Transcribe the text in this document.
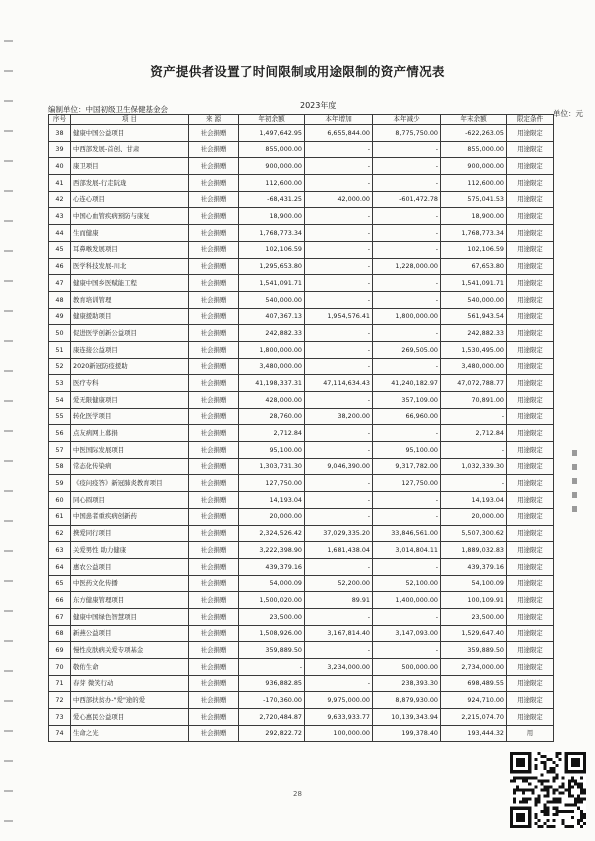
资产提供者设置了时间限制或用途限制的资产情况表
2023年度
编制单位：中国初级卫生保健基金会	单位：元
序号	项 目	来 源	年初余额	本年增加	本年减少	年末余额	限定条件
38	健康中国公益项目	社会捐赠	1,497,642.95	6,655,844.00	8,775,750.00	-622,263.05	用途限定
39	中西部发展-首创、甘肃	社会捐赠	855,000.00	-	-	855,000.00	用途限定
40	康卫项目	社会捐赠	900,000.00	-	-	900,000.00	用途限定
41	西部发展-行走阮珑	社会捐赠	112,600.00	-	-	112,600.00	用途限定
42	心连心项目	社会捐赠	-68,431.25	42,000.00	-601,472.78	575,041.53	用途限定
43	中国心血管疾病预防与康复	社会捐赠	18,900.00	-	-	18,900.00	用途限定
44	生而健康	社会捐赠	1,768,773.34	-	-	1,768,773.34	用途限定
45	耳鼻喉发展项目	社会捐赠	102,106.59	-	-	102,106.59	用途限定
46	医学科技发展-川北	社会捐赠	1,295,653.80	-	1,228,000.00	67,653.80	用途限定
47	健康中国乡医赋能工程	社会捐赠	1,541,091.71	-	-	1,541,091.71	用途限定
48	教育培训管理	社会捐赠	540,000.00	-	-	540,000.00	用途限定
49	健康援助项目	社会捐赠	407,367.13	1,954,576.41	1,800,000.00	561,943.54	用途限定
50	促进医学创新公益项目	社会捐赠	242,882.33	-	-	242,882.33	用途限定
51	康连接公益项目	社会捐赠	1,800,000.00	-	269,505.00	1,530,495.00	用途限定
52	2020新冠防疫援助	社会捐赠	3,480,000.00	-	-	3,480,000.00	用途限定
53	医疗专科	社会捐赠	41,198,337.31	47,114,634.43	41,240,182.97	47,072,788.77	用途限定
54	爱无限健康项目	社会捐赠	428,000.00	-	357,109.00	70,891.00	用途限定
55	转化医学项目	社会捐赠	28,760.00	38,200.00	66,960.00	-	用途限定
56	点友病网上募捐	社会捐赠	2,712.84	-	-	2,712.84	用途限定
57	中医国际发展项目	社会捐赠	95,100.00	-	95,100.00	-	用途限定
58	常态化传染病	社会捐赠	1,303,731.30	9,046,390.00	9,317,782.00	1,032,339.30	用途限定
59	《疫问疫答》新冠肺炎教育项目	社会捐赠	127,750.00	-	127,750.00	-	用途限定
60	同心圆项目	社会捐赠	14,193.04	-	-	14,193.04	用途限定
61	中国患者重疾病创新药	社会捐赠	20,000.00	-	-	20,000.00	用途限定
62	携爱同行项目	社会捐赠	2,324,526.42	37,029,335.20	33,846,561.00	5,507,300.62	用途限定
63	关爱男性 助力健康	社会捐赠	3,222,398.90	1,681,438.04	3,014,804.11	1,889,032.83	用途限定
64	惠农公益项目	社会捐赠	439,379.16	-	-	439,379.16	用途限定
65	中医药文化传播	社会捐赠	54,000.09	52,200.00	52,100.00	54,100.09	用途限定
66	东方健康管理项目	社会捐赠	1,500,020.00	89.91	1,400,000.00	100,109.91	用途限定
67	健康中国绿色智慧项目	社会捐赠	23,500.00	-	-	23,500.00	用途限定
68	新燕公益项目	社会捐赠	1,508,926.00	3,167,814.40	3,147,093.00	1,529,647.40	用途限定
69	慢性皮肤病关爱专项基金	社会捐赠	359,889.50	-	-	359,889.50	用途限定
70	敬佑生命	社会捐赠	-	3,234,000.00	500,000.00	2,734,000.00	用途限定
71	春芽 微笑行动	社会捐赠	936,882.85	-	238,393.30	698,489.55	用途限定
72	中西部扶贫办-"爱"途的爱	社会捐赠	-170,360.00	9,975,000.00	8,879,930.00	924,710.00	用途限定
73	爱心惠民公益项目	社会捐赠	2,720,484.87	9,633,933.77	10,139,343.94	2,215,074.70	用途限定
74	生命之光	社会捐赠	292,822.72	100,000.00	199,378.40	193,444.32	用
28
